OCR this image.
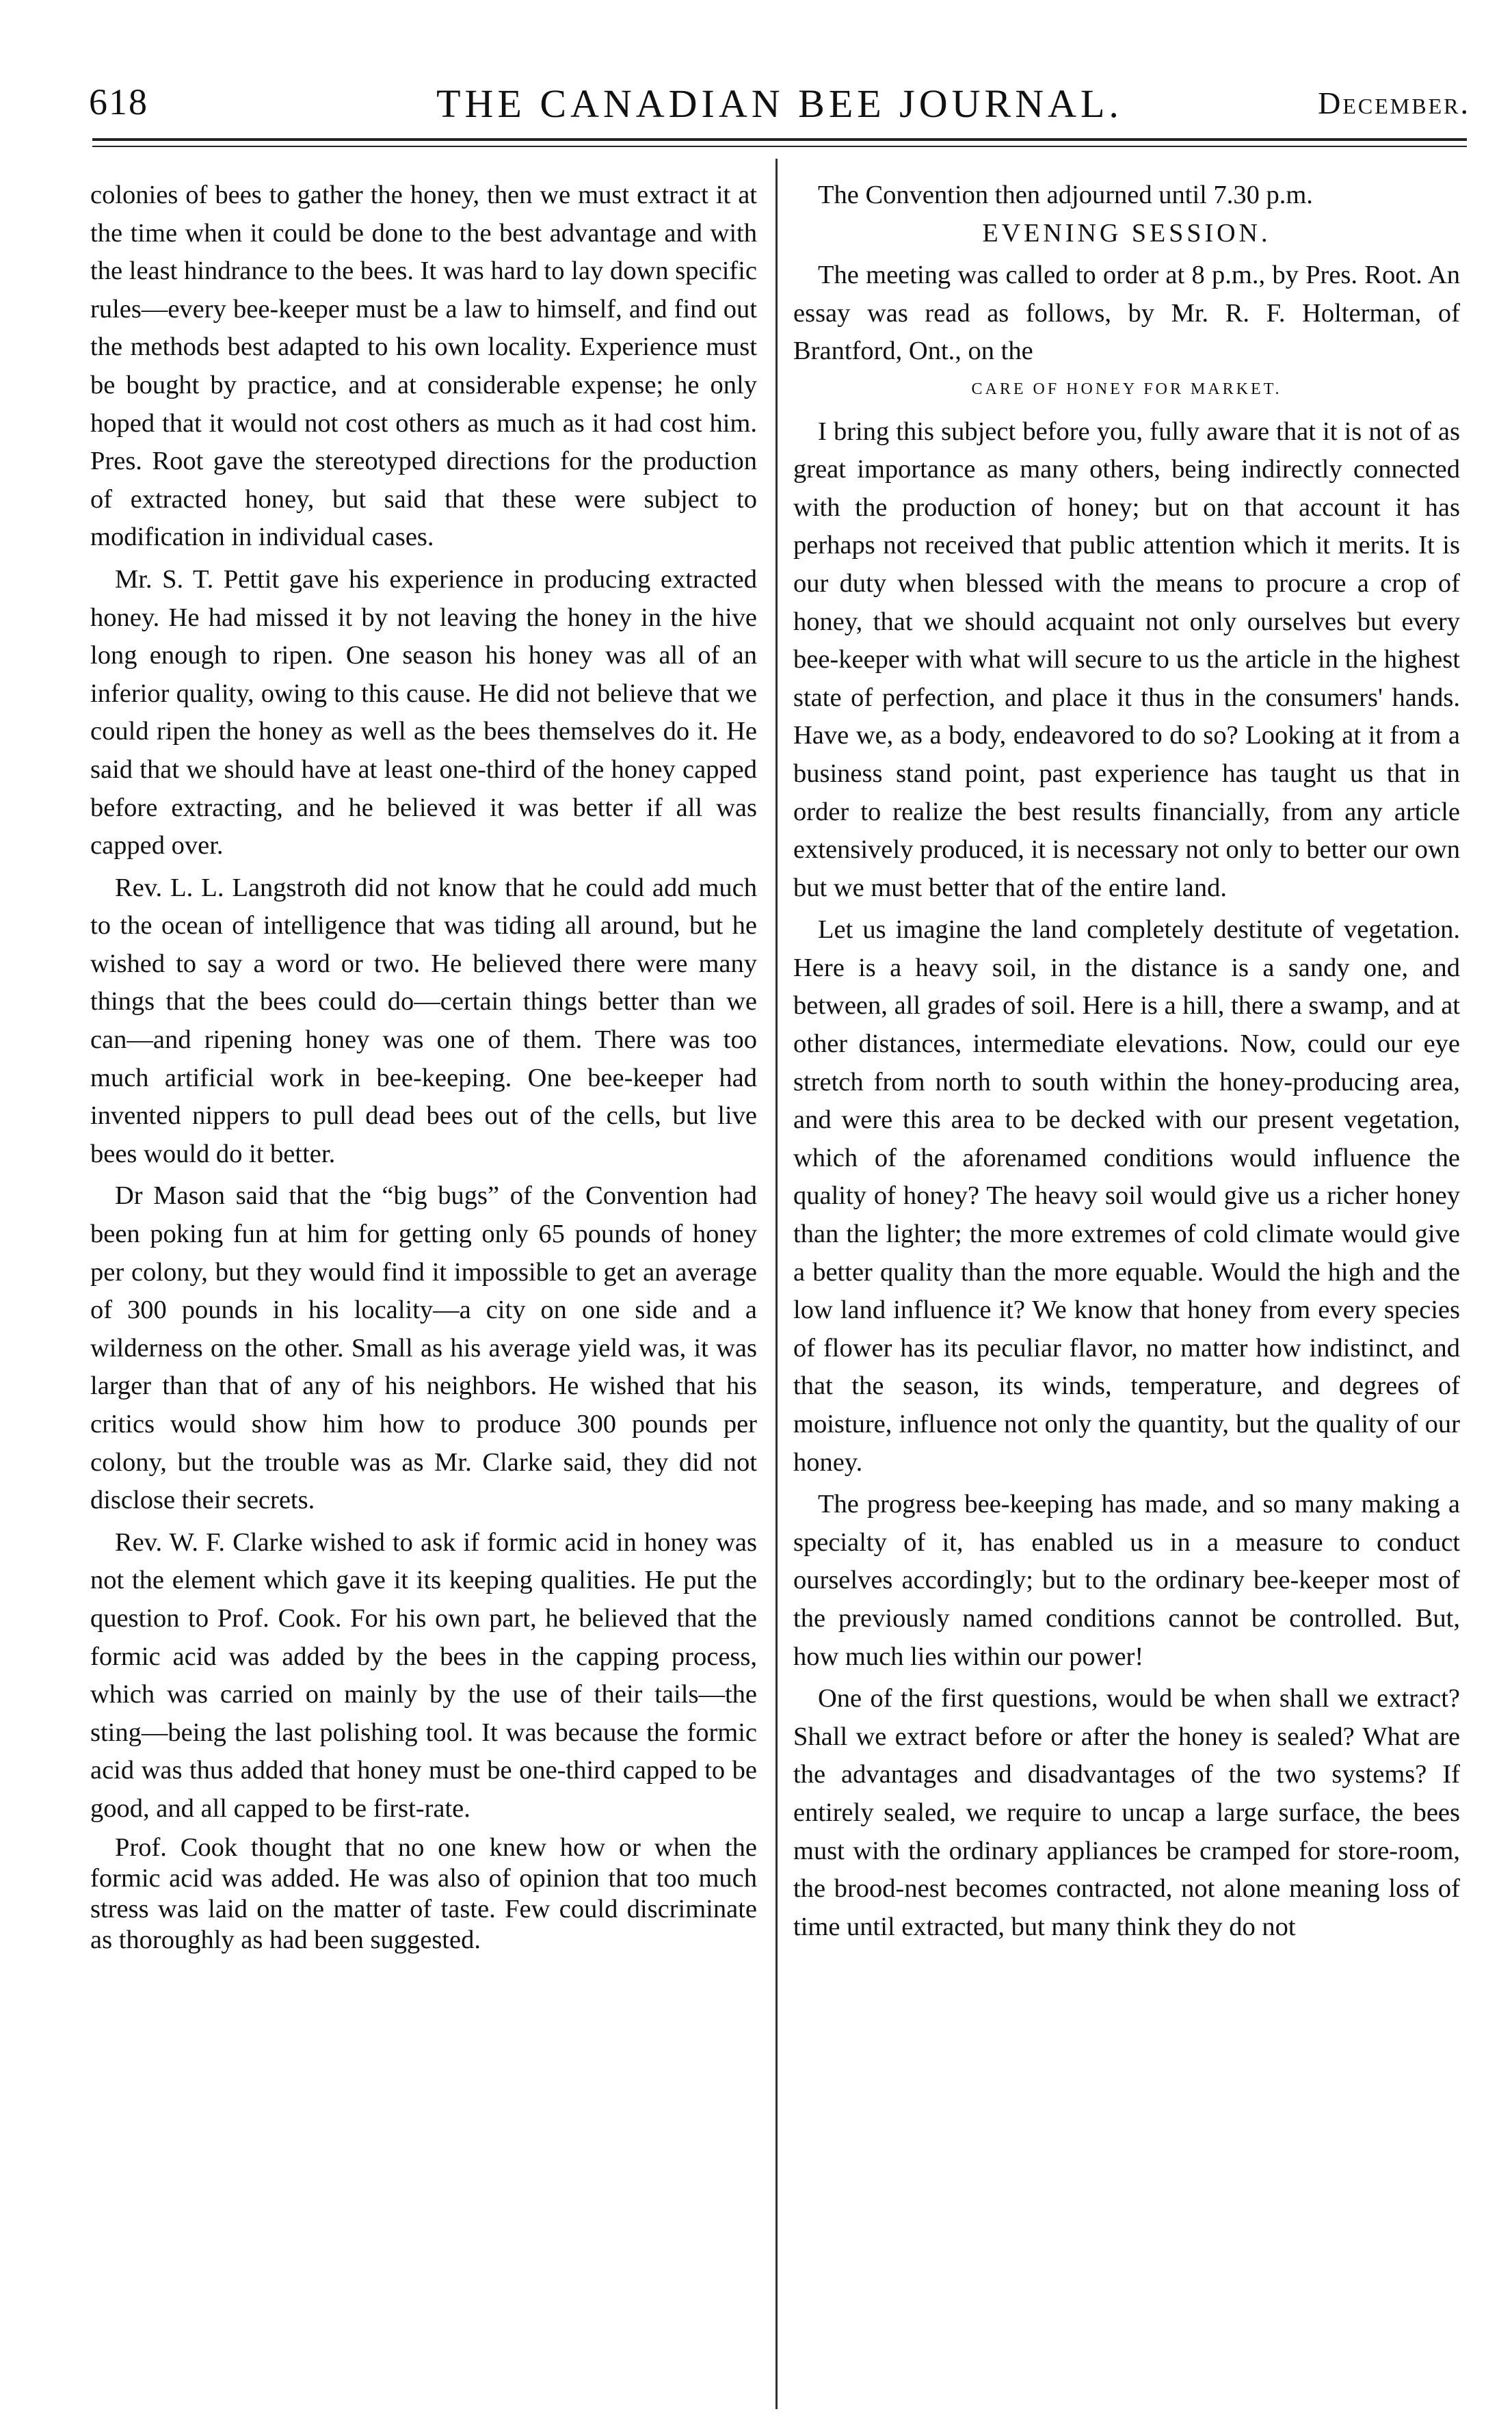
618	THE CANADIAN BEE JOURNAL.	December.

colonies of bees to gather the honey, then we must extract it at the time when it could be done to the best advantage and with the least hindrance to the bees. It was hard to lay down specific rules—every bee-keeper must be a law to himself, and find out the methods best adapted to his own locality. Experience must be bought by practice, and at considerable expense; he only hoped that it would not cost others as much as it had cost him. Pres. Root gave the stereotyped directions for the production of extracted honey, but said that these were subject to modification in individual cases.

Mr. S. T. Pettit gave his experience in producing extracted honey. He had missed it by not leaving the honey in the hive long enough to ripen. One season his honey was all of an inferior quality, owing to this cause. He did not believe that we could ripen the honey as well as the bees themselves do it. He said that we should have at least one-third of the honey capped before extracting, and he believed it was better if all was capped over.

Rev. L. L. Langstroth did not know that he could add much to the ocean of intelligence that was tiding all around, but he wished to say a word or two. He believed there were many things that the bees could do—certain things better than we can—and ripening honey was one of them. There was too much artificial work in bee-keeping. One bee-keeper had invented nippers to pull dead bees out of the cells, but live bees would do it better.

Dr Mason said that the “big bugs” of the Convention had been poking fun at him for getting only 65 pounds of honey per colony, but they would find it impossible to get an average of 300 pounds in his locality—a city on one side and a wilderness on the other. Small as his average yield was, it was larger than that of any of his neighbors. He wished that his critics would show him how to produce 300 pounds per colony, but the trouble was as Mr. Clarke said, they did not disclose their secrets.

Rev. W. F. Clarke wished to ask if formic acid in honey was not the element which gave it its keeping qualities. He put the question to Prof. Cook. For his own part, he believed that the formic acid was added by the bees in the capping process, which was carried on mainly by the use of their tails—the sting—being the last polishing tool. It was because the formic acid was thus added that honey must be one-third capped to be good, and all capped to be first-rate.

Prof. Cook thought that no one knew how or when the formic acid was added. He was also of opinion that too much stress was laid on the matter of taste. Few could discriminate as thoroughly as had been suggested.

The Convention then adjourned until 7.30 p.m.

EVENING SESSION.

The meeting was called to order at 8 p.m., by Pres. Root. An essay was read as follows, by Mr. R. F. Holterman, of Brantford, Ont., on the

CARE OF HONEY FOR MARKET.

I bring this subject before you, fully aware that it is not of as great importance as many others, being indirectly connected with the production of honey; but on that account it has perhaps not received that public attention which it merits. It is our duty when blessed with the means to procure a crop of honey, that we should acquaint not only ourselves but every bee-keeper with what will secure to us the article in the highest state of perfection, and place it thus in the consumers' hands. Have we, as a body, endeavored to do so? Looking at it from a business stand point, past experience has taught us that in order to realize the best results financially, from any article extensively produced, it is necessary not only to better our own but we must better that of the entire land.

Let us imagine the land completely destitute of vegetation. Here is a heavy soil, in the distance is a sandy one, and between, all grades of soil. Here is a hill, there a swamp, and at other distances, intermediate elevations. Now, could our eye stretch from north to south within the honey-producing area, and were this area to be decked with our present vegetation, which of the aforenamed conditions would influence the quality of honey? The heavy soil would give us a richer honey than the lighter; the more extremes of cold climate would give a better quality than the more equable. Would the high and the low land influence it? We know that honey from every species of flower has its peculiar flavor, no matter how indistinct, and that the season, its winds, temperature, and degrees of moisture, influence not only the quantity, but the quality of our honey.

The progress bee-keeping has made, and so many making a specialty of it, has enabled us in a measure to conduct ourselves accordingly; but to the ordinary bee-keeper most of the previously named conditions cannot be controlled. But, how much lies within our power!

One of the first questions, would be when shall we extract? Shall we extract before or after the honey is sealed? What are the advantages and disadvantages of the two systems? If entirely sealed, we require to uncap a large surface, the bees must with the ordinary appliances be cramped for store-room, the brood-nest becomes contracted, not alone meaning loss of time until extracted, but many think they do not
